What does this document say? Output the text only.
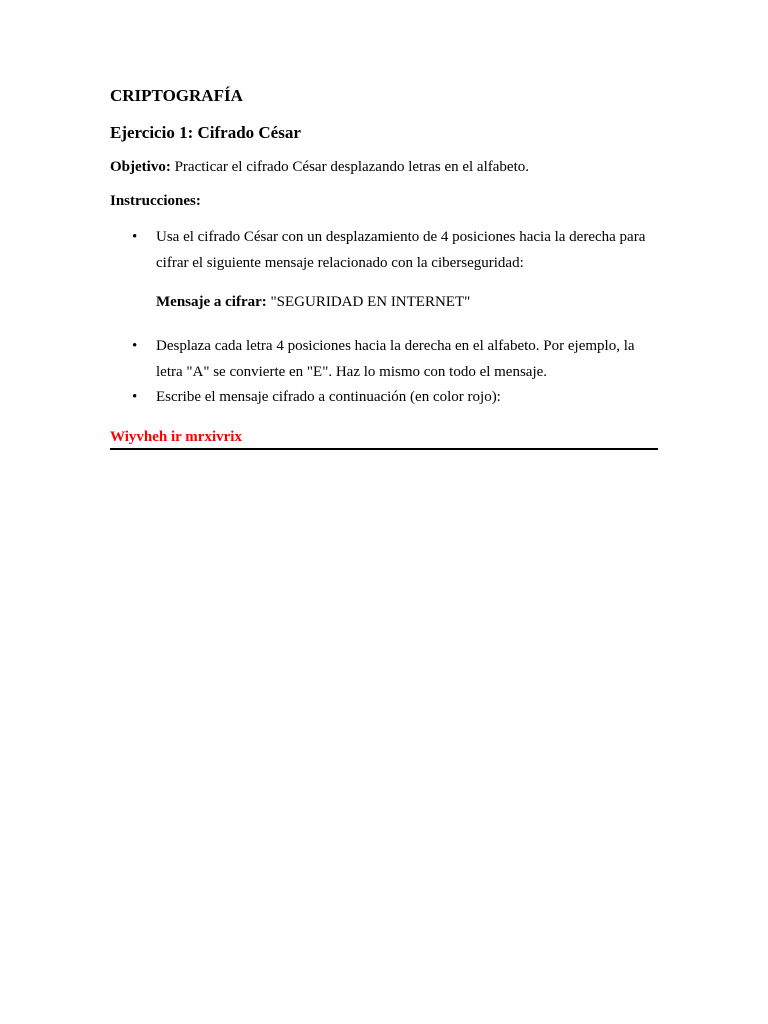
CRIPTOGRAFÍA
Ejercicio 1: Cifrado César

Objetivo: Practicar el cifrado César desplazando letras en el alfabeto.

Instrucciones:

• Usa el cifrado César con un desplazamiento de 4 posiciones hacia la derecha para cifrar el siguiente mensaje relacionado con la ciberseguridad:

Mensaje a cifrar: "SEGURIDAD EN INTERNET"

• Desplaza cada letra 4 posiciones hacia la derecha en el alfabeto. Por ejemplo, la letra "A" se convierte en "E". Haz lo mismo con todo el mensaje.

• Escribe el mensaje cifrado a continuación (en color rojo):

Wiyvheh ir mrxivrix
